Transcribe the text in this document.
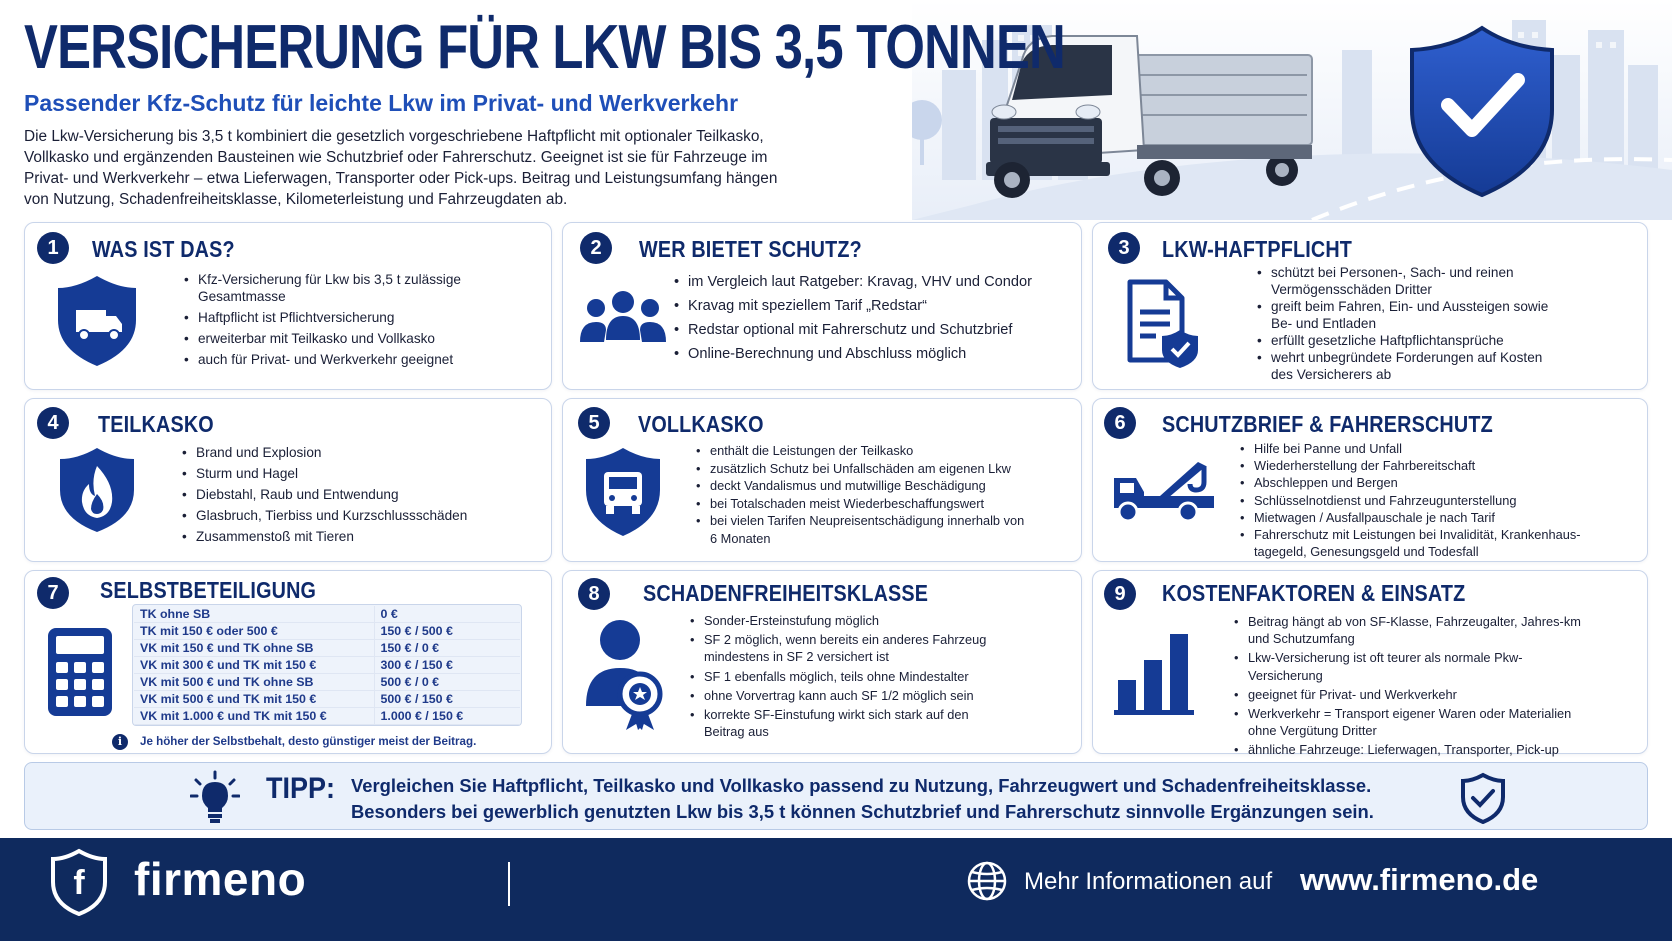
VERSICHERUNG FÜR LKW BIS 3,5 TONNEN
Passender Kfz-Schutz für leichte Lkw im Privat- und Werkverkehr
Die Lkw-Versicherung bis 3,5 t kombiniert die gesetzlich vorgeschriebene Haftpflicht mit optionaler Teilkasko, Vollkasko und ergänzenden Bausteinen wie Schutzbrief oder Fahrerschutz. Geeignet ist sie für Fahrzeuge im Privat- und Werkverkehr – etwa Lieferwagen, Transporter oder Pick-ups. Beitrag und Leistungsumfang hängen von Nutzung, Schadenfreiheitsklasse, Kilometerleistung und Fahrzeugdaten ab.
1	WAS IST DAS?
• Kfz-Versicherung für Lkw bis 3,5 t zulässige Gesamtmasse
• Haftpflicht ist Pflichtversicherung
• erweiterbar mit Teilkasko und Vollkasko
• auch für Privat- und Werkverkehr geeignet
2	WER BIETET SCHUTZ?
• im Vergleich laut Ratgeber: Kravag, VHV und Condor
• Kravag mit speziellem Tarif „Redstar“
• Redstar optional mit Fahrerschutz und Schutzbrief
• Online-Berechnung und Abschluss möglich
3	LKW-HAFTPFLICHT
• schützt bei Personen-, Sach- und reinen Vermögensschäden Dritter
• greift beim Fahren, Ein- und Aussteigen sowie Be- und Entladen
• erfüllt gesetzliche Haftpflichtansprüche
• wehrt unbegründete Forderungen auf Kosten des Versicherers ab
4	TEILKASKO
• Brand und Explosion
• Sturm und Hagel
• Diebstahl, Raub und Entwendung
• Glasbruch, Tierbiss und Kurzschlussschäden
• Zusammenstoß mit Tieren
5	VOLLKASKO
• enthält die Leistungen der Teilkasko
• zusätzlich Schutz bei Unfallschäden am eigenen Lkw
• deckt Vandalismus und mutwillige Beschädigung
• bei Totalschaden meist Wiederbeschaffungswert
• bei vielen Tarifen Neupreisentschädigung innerhalb von 6 Monaten
6	SCHUTZBRIEF & FAHRERSCHUTZ
• Hilfe bei Panne und Unfall
• Wiederherstellung der Fahrbereitschaft
• Abschleppen und Bergen
• Schlüsselnotdienst und Fahrzeugunterstellung
• Mietwagen / Ausfallpauschale je nach Tarif
• Fahrerschutz mit Leistungen bei Invalidität, Krankenhaus-tagegeld, Genesungsgeld und Todesfall
7	SELBSTBETEILIGUNG
TK ohne SB	0 €
TK mit 150 € oder 500 €	150 € / 500 €
VK mit 150 € und TK ohne SB	150 € / 0 €
VK mit 300 € und TK mit 150 €	300 € / 150 €
VK mit 500 € und TK ohne SB	500 € / 0 €
VK mit 500 € und TK mit 150 €	500 € / 150 €
VK mit 1.000 € und TK mit 150 €	1.000 € / 150 €
i	Je höher der Selbstbehalt, desto günstiger meist der Beitrag.
8	SCHADENFREIHEITSKLASSE
• Sonder-Ersteinstufung möglich
• SF 2 möglich, wenn bereits ein anderes Fahrzeug mindestens in SF 2 versichert ist
• SF 1 ebenfalls möglich, teils ohne Mindestalter
• ohne Vorvertrag kann auch SF 1/2 möglich sein
• korrekte SF-Einstufung wirkt sich stark auf den Beitrag aus
9	KOSTENFAKTOREN & EINSATZ
• Beitrag hängt ab von SF-Klasse, Fahrzeugalter, Jahres-km und Schutzumfang
• Lkw-Versicherung ist oft teurer als normale Pkw-Versicherung
• geeignet für Privat- und Werkverkehr
• Werkverkehr = Transport eigener Waren oder Materialien ohne Vergütung Dritter
• ähnliche Fahrzeuge: Lieferwagen, Transporter, Pick-up
TIPP: Vergleichen Sie Haftpflicht, Teilkasko und Vollkasko passend zu Nutzung, Fahrzeugwert und Schadenfreiheitsklasse.
Besonders bei gewerblich genutzten Lkw bis 3,5 t können Schutzbrief und Fahrerschutz sinnvolle Ergänzungen sein.
f firmeno	Mehr Informationen auf www.firmeno.de
